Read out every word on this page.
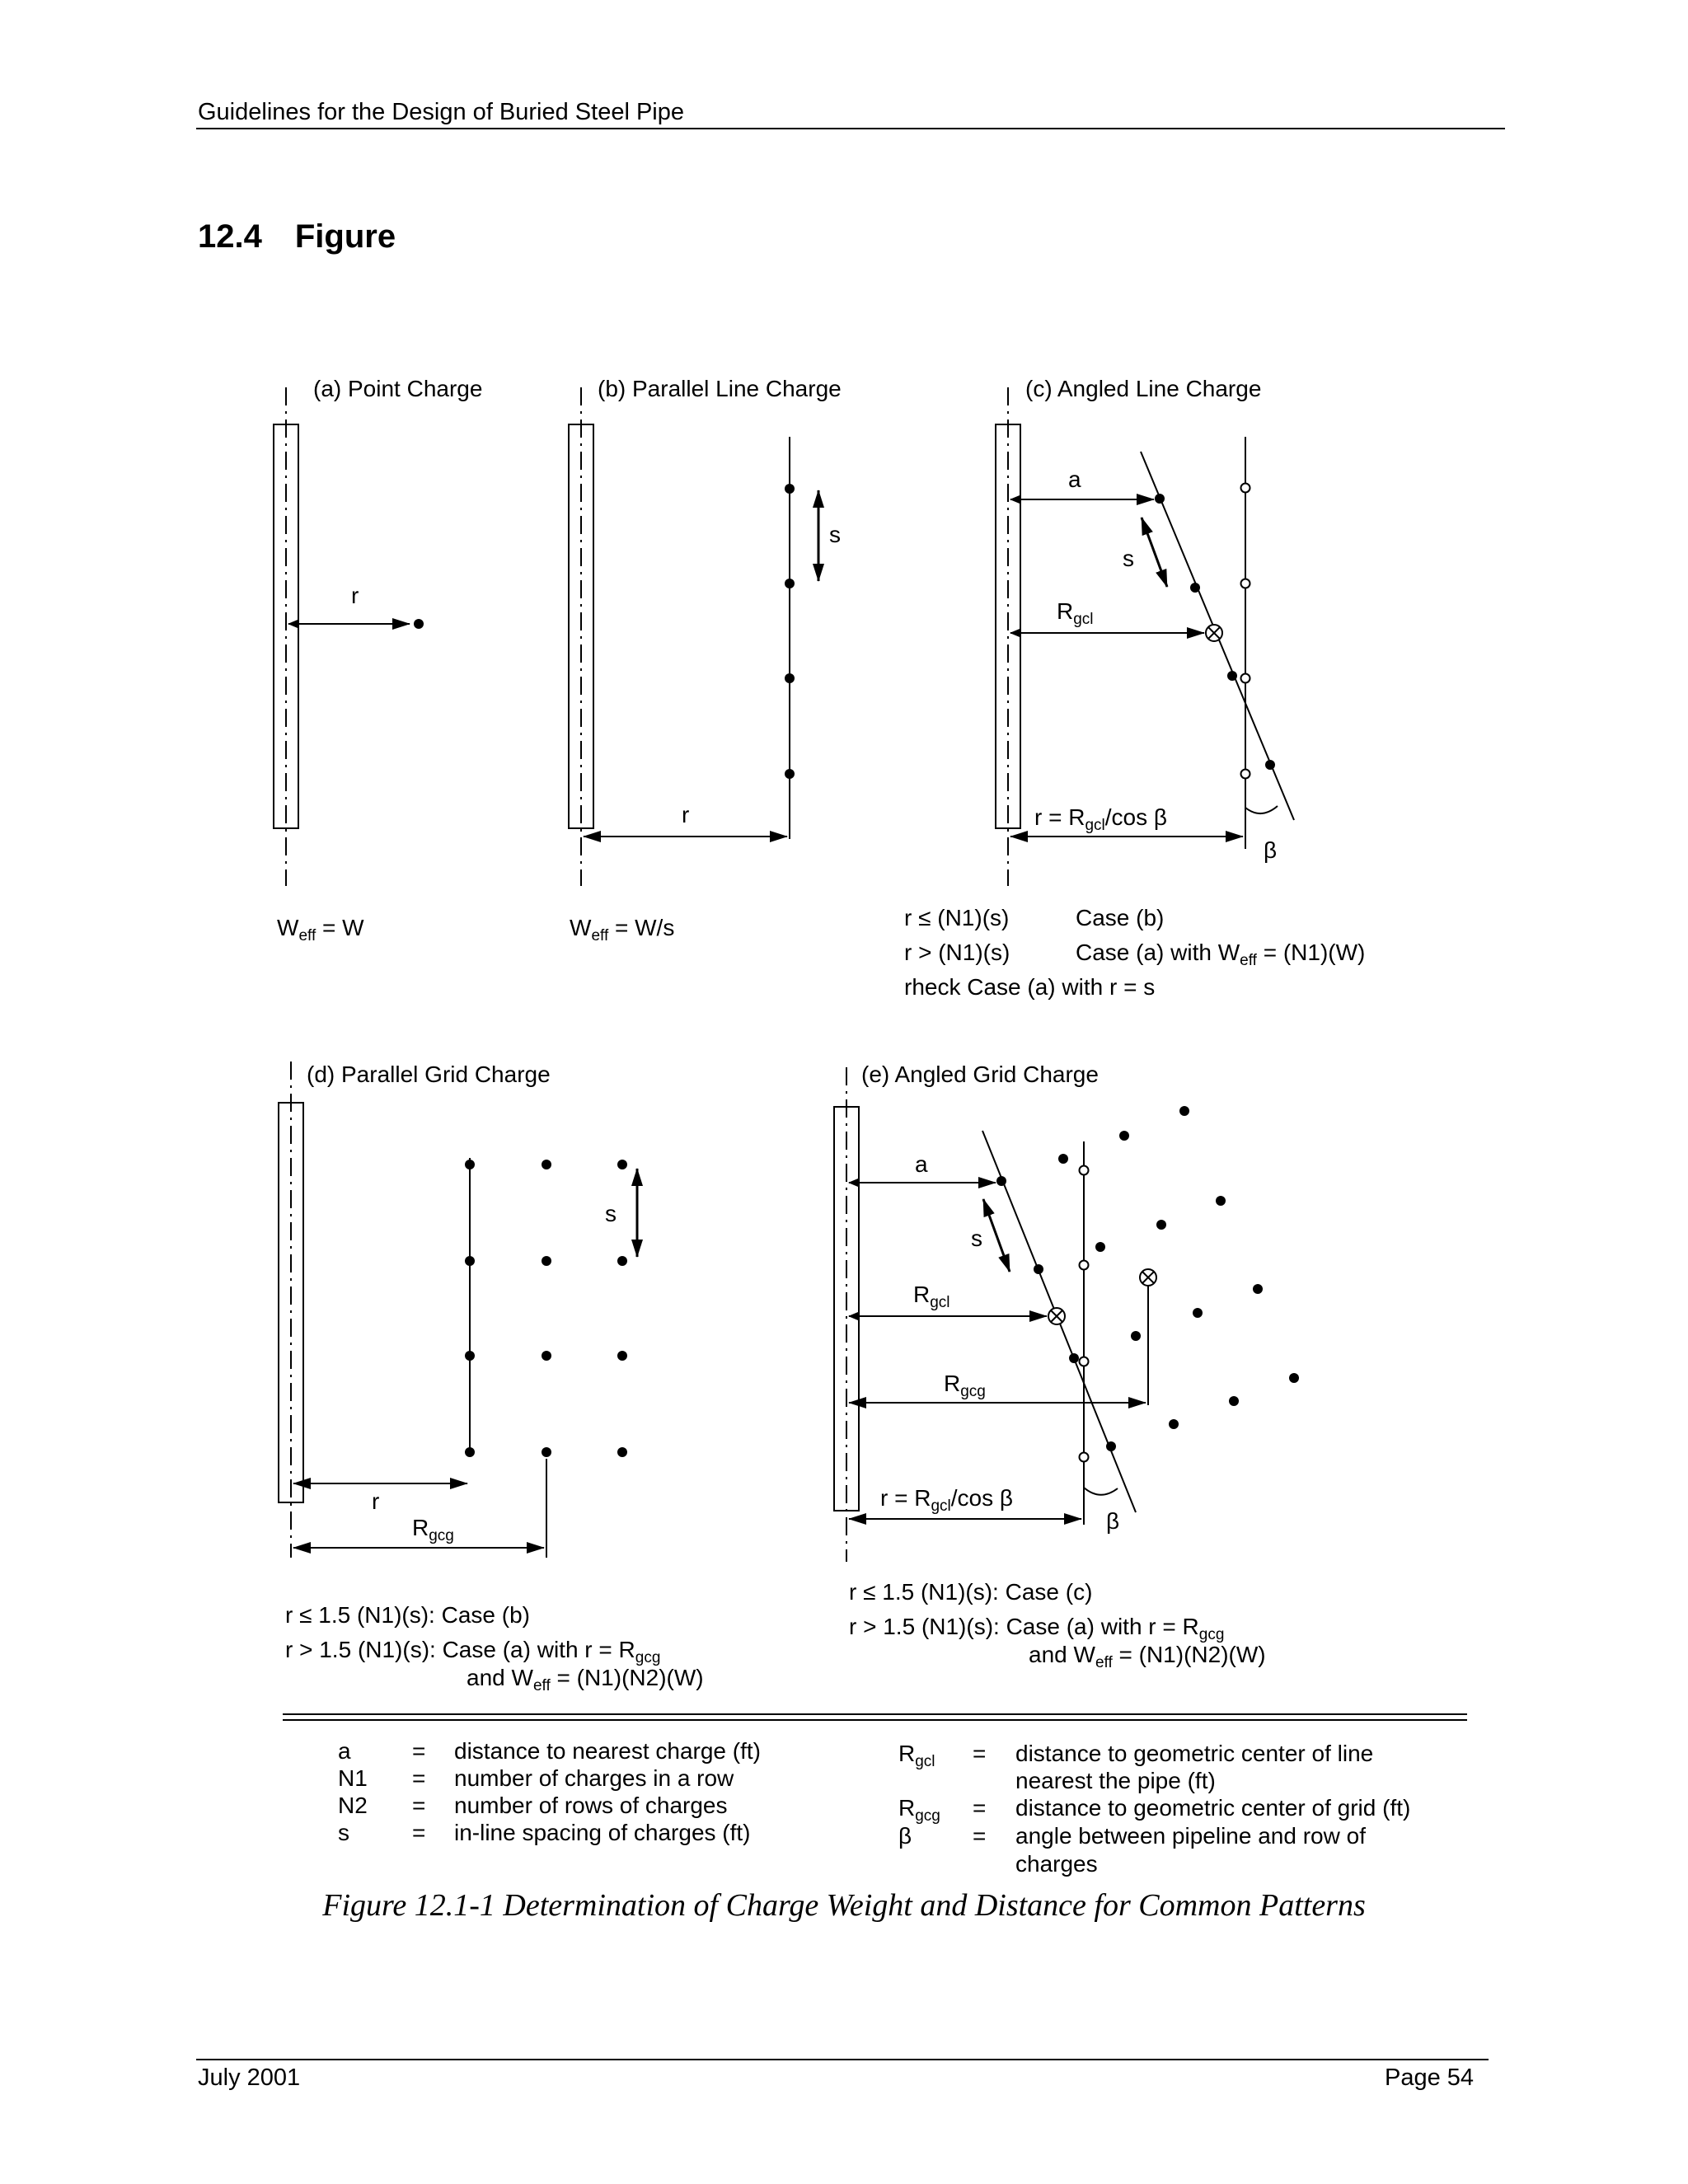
Guidelines for the Design of Buried Steel Pipe
12.4 Figure
(a) Point Charge
r
$W_{eff} = W$
(b) Parallel Line Charge
s
r
$W_{eff} = W/s$
(c) Angled Line Charge
a
s
$R_{gcl}$
$r = R_{gcl}/\cos$ β
β
r ≤ (N1)(s)	Case (b)
r > (N1)(s)	Case (a) with $W_{eff} = (N1)(W)$
rheck Case (a) with r = s
(d) Parallel Grid Charge
s
r
$R_{gcg}$
r ≤ 1.5 (N1)(s): Case (b)
r > 1.5 (N1)(s): Case (a) with $r = R_{gcg}$
and $W_{eff} = (N1)(N2)(W)$
(e) Angled Grid Charge
a
s
$R_{gcl}$
$R_{gcg}$
$r = R_{gcl}/\cos$ β
β
r ≤ 1.5 (N1)(s): Case (c)
r > 1.5 (N1)(s): Case (a) with $r = R_{gcg}$
and $W_{eff} = (N1)(N2)(W)$
a	= distance to nearest charge (ft)
N1 = number of charges in a row
N2 = number of rows of charges
s	= in-line spacing of charges (ft)
$R_{gcl}$ = distance to geometric center of line
nearest the pipe (ft)
$R_{gcg}$ = distance to geometric center of grid (ft)
β	= angle between pipeline and row of
charges
Figure 12.1-1 Determination of Charge Weight and Distance for Common Patterns
July 2001	Page 54
